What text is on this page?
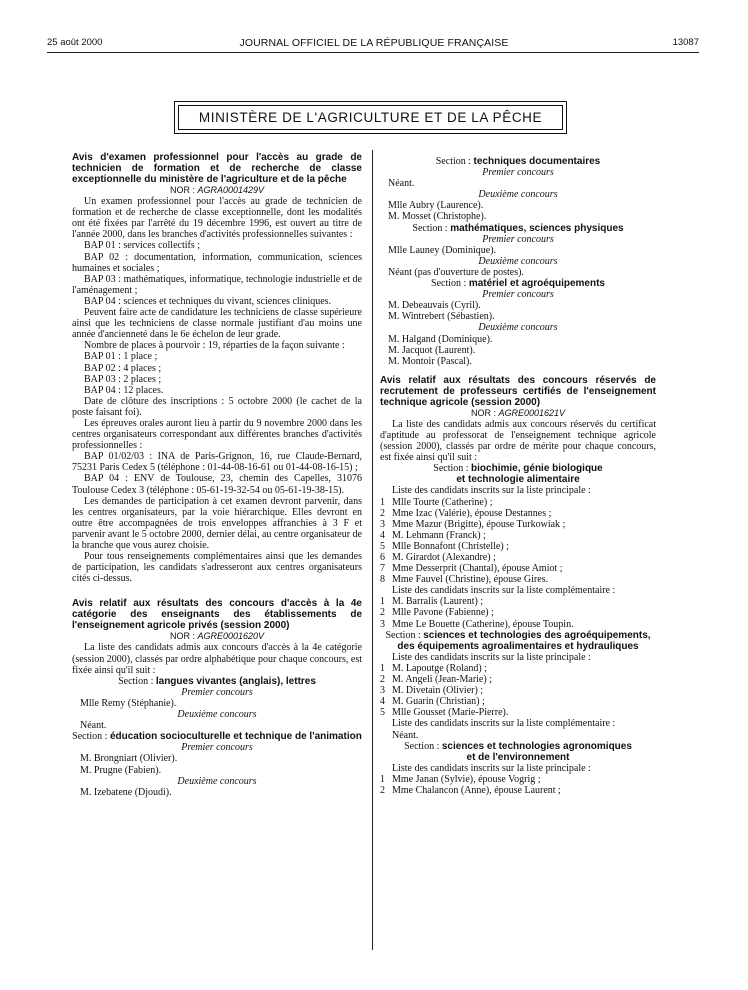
25 août 2000	JOURNAL OFFICIEL DE LA RÉPUBLIQUE FRANÇAISE	13087
MINISTÈRE DE L'AGRICULTURE ET DE LA PÊCHE

Avis d'examen professionnel pour l'accès au grade de technicien de formation et de recherche de classe exceptionnelle du ministère de l'agriculture et de la pêche

NOR : AGRA0001429V

Un examen professionnel pour l'accès au grade de technicien de formation et de recherche de classe exceptionnelle, dont les modalités ont été fixées par l'arrêté du 19 décembre 1996, est ouvert au titre de l'année 2000, dans les branches d'activités professionnelles suivantes :

BAP 01 : services collectifs ;

BAP 02 : documentation, information, communication, sciences humaines et sociales ;

BAP 03 : mathématiques, informatique, technologie industrielle et de l'aménagement ;

BAP 04 : sciences et techniques du vivant, sciences cliniques.

Peuvent faire acte de candidature les techniciens de classe supérieure ainsi que les techniciens de classe normale justifiant d'au moins une année d'ancienneté dans le 6e échelon de leur grade.

Nombre de places à pourvoir : 19, réparties de la façon suivante :

BAP 01 : 1 place ;

BAP 02 : 4 places ;

BAP 03 : 2 places ;

BAP 04 : 12 places.

Date de clôture des inscriptions : 5 octobre 2000 (le cachet de la poste faisant foi).

Les épreuves orales auront lieu à partir du 9 novembre 2000 dans les centres organisateurs correspondant aux différentes branches d'activités professionnelles :

BAP 01/02/03 : INA de Paris-Grignon, 16, rue Claude-Bernard, 75231 Paris Cedex 5 (téléphone : 01-44-08-16-61 ou 01-44-08-16-15) ;

BAP 04 : ENV de Toulouse, 23, chemin des Capelles, 31076 Toulouse Cedex 3 (téléphone : 05-61-19-32-54 ou 05-61-19-38-15).

Les demandes de participation à cet examen devront parvenir, dans les centres organisateurs, par la voie hiérarchique. Elles devront en outre être accompagnées de trois enveloppes affranchies à 3 F et parvenir avant le 5 octobre 2000, dernier délai, au centre organisateur de la branche que vous aurez choisie.

Pour tous renseignements complémentaires ainsi que les demandes de participation, les candidats s'adresseront aux centres organisateurs cités ci-dessus.

Avis relatif aux résultats des concours d'accès à la 4e catégorie des enseignants des établissements de l'enseignement agricole privés (session 2000)

NOR : AGRE0001620V

La liste des candidats admis aux concours d'accès à la 4e catégorie (session 2000), classés par ordre alphabétique pour chaque concours, est fixée ainsi qu'il suit :

Section : langues vivantes (anglais), lettres

Premier concours

Mlle Remy (Stéphanie).

Deuxième concours

Néant.

Section : éducation socioculturelle et technique de l'animation

Premier concours

M. Brongniart (Olivier).

M. Prugne (Fabien).

Deuxième concours

M. Izebatene (Djoudi).

Section : techniques documentaires

Premier concours

Néant.

Deuxième concours

Mlle Aubry (Laurence).

M. Mosset (Christophe).

Section : mathématiques, sciences physiques

Premier concours

Mlle Launey (Dominique).

Deuxième concours

Néant (pas d'ouverture de postes).

Section : matériel et agroéquipements

Premier concours

M. Debeauvais (Cyril).

M. Wintrebert (Sébastien).

Deuxième concours

M. Halgand (Dominique).

M. Jacquot (Laurent).

M. Montoir (Pascal).

Avis relatif aux résultats des concours réservés de recrutement de professeurs certifiés de l'enseignement technique agricole (session 2000)

NOR : AGRE0001621V

La liste des candidats admis aux concours réservés du certificat d'aptitude au professorat de l'enseignement technique agricole (session 2000), classés par ordre de mérite pour chaque concours, est fixée ainsi qu'il suit :

Section : biochimie, génie biologique
et technologie alimentaire

Liste des candidats inscrits sur la liste principale :

1 Mlle Tourte (Catherine) ;

2 Mme Izac (Valérie), épouse Destannes ;

3 Mme Mazur (Brigitte), épouse Turkowiak ;

4 M. Lehmann (Franck) ;

5 Mlle Bonnafont (Christelle) ;

6 M. Girardot (Alexandre) ;

7 Mme Desserprit (Chantal), épouse Amiot ;

8 Mme Fauvel (Christine), épouse Gires.

Liste des candidats inscrits sur la liste complémentaire :

1 M. Barralis (Laurent) ;

2 Mlle Pavone (Fabienne) ;

3 Mme Le Bouette (Catherine), épouse Toupin.

Section : sciences et technologies des agroéquipements,
des équipements agroalimentaires et hydrauliques

Liste des candidats inscrits sur la liste principale :

1 M. Lapoutge (Roland) ;

2 M. Angeli (Jean-Marie) ;

3 M. Divetain (Olivier) ;

4 M. Guarin (Christian) ;

5 Mlle Gousset (Marie-Pierre).

Liste des candidats inscrits sur la liste complémentaire :

Néant.

Section : sciences et technologies agronomiques
et de l'environnement

Liste des candidats inscrits sur la liste principale :

1 Mme Janan (Sylvie), épouse Vogrig ;

2 Mme Chalancon (Anne), épouse Laurent ;
